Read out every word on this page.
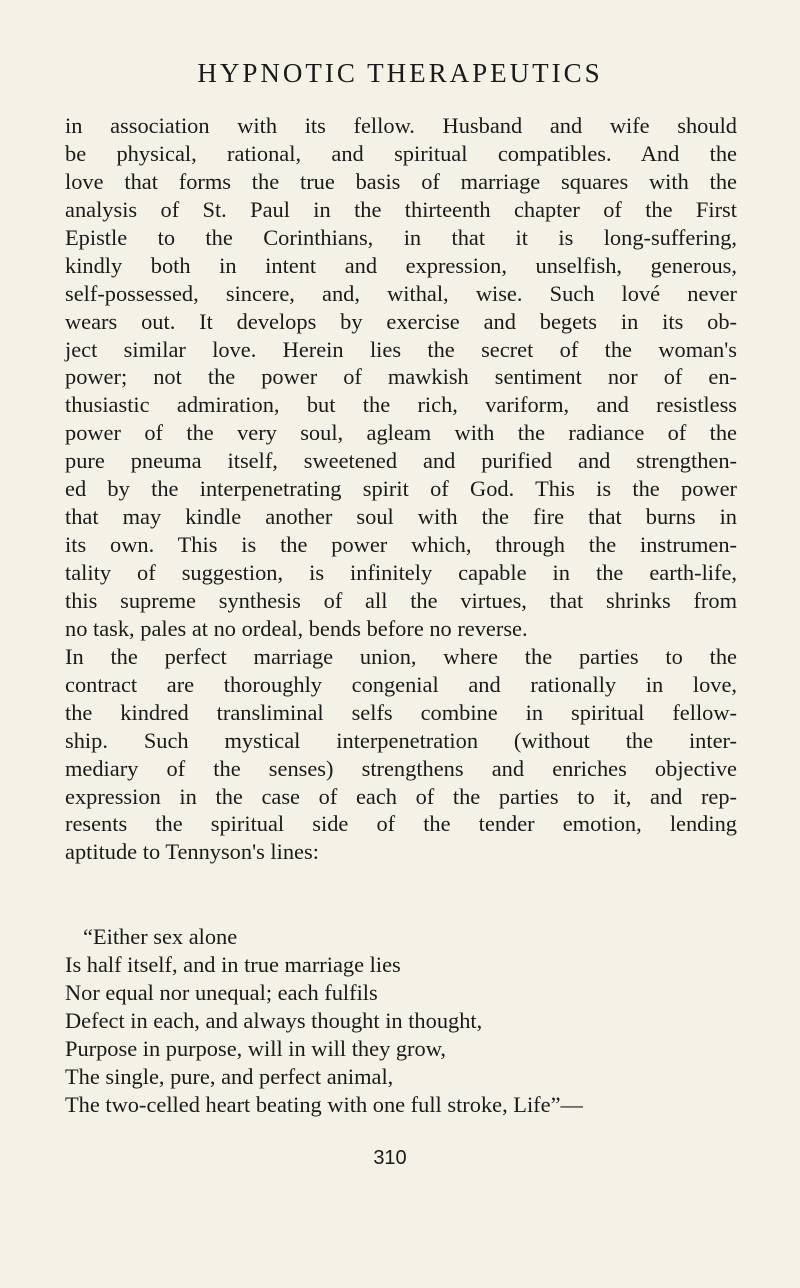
HYPNOTIC THERAPEUTICS
in association with its fellow. Husband and wife should
be physical, rational, and spiritual compatibles. And the
love that forms the true basis of marriage squares with the
analysis of St. Paul in the thirteenth chapter of the First
Epistle to the Corinthians, in that it is long-suffering,
kindly both in intent and expression, unselfish, generous,
self-possessed, sincere, and, withal, wise. Such lové never
wears out. It develops by exercise and begets in its ob-
ject similar love. Herein lies the secret of the woman's
power; not the power of mawkish sentiment nor of en-
thusiastic admiration, but the rich, variform, and resistless
power of the very soul, agleam with the radiance of the
pure pneuma itself, sweetened and purified and strengthen-
ed by the interpenetrating spirit of God. This is the power
that may kindle another soul with the fire that burns in
its own. This is the power which, through the instrumen-
tality of suggestion, is infinitely capable in the earth-life,
this supreme synthesis of all the virtues, that shrinks from
no task, pales at no ordeal, bends before no reverse.
In the perfect marriage union, where the parties to the
contract are thoroughly congenial and rationally in love,
the kindred transliminal selfs combine in spiritual fellow-
ship. Such mystical interpenetration (without the inter-
mediary of the senses) strengthens and enriches objective
expression in the case of each of the parties to it, and rep-
resents the spiritual side of the tender emotion, lending
aptitude to Tennyson's lines:
“Either sex alone
Is half itself, and in true marriage lies
Nor equal nor unequal; each fulfils
Defect in each, and always thought in thought,
Purpose in purpose, will in will they grow,
The single, pure, and perfect animal,
The two-celled heart beating with one full stroke, Life”—
310
